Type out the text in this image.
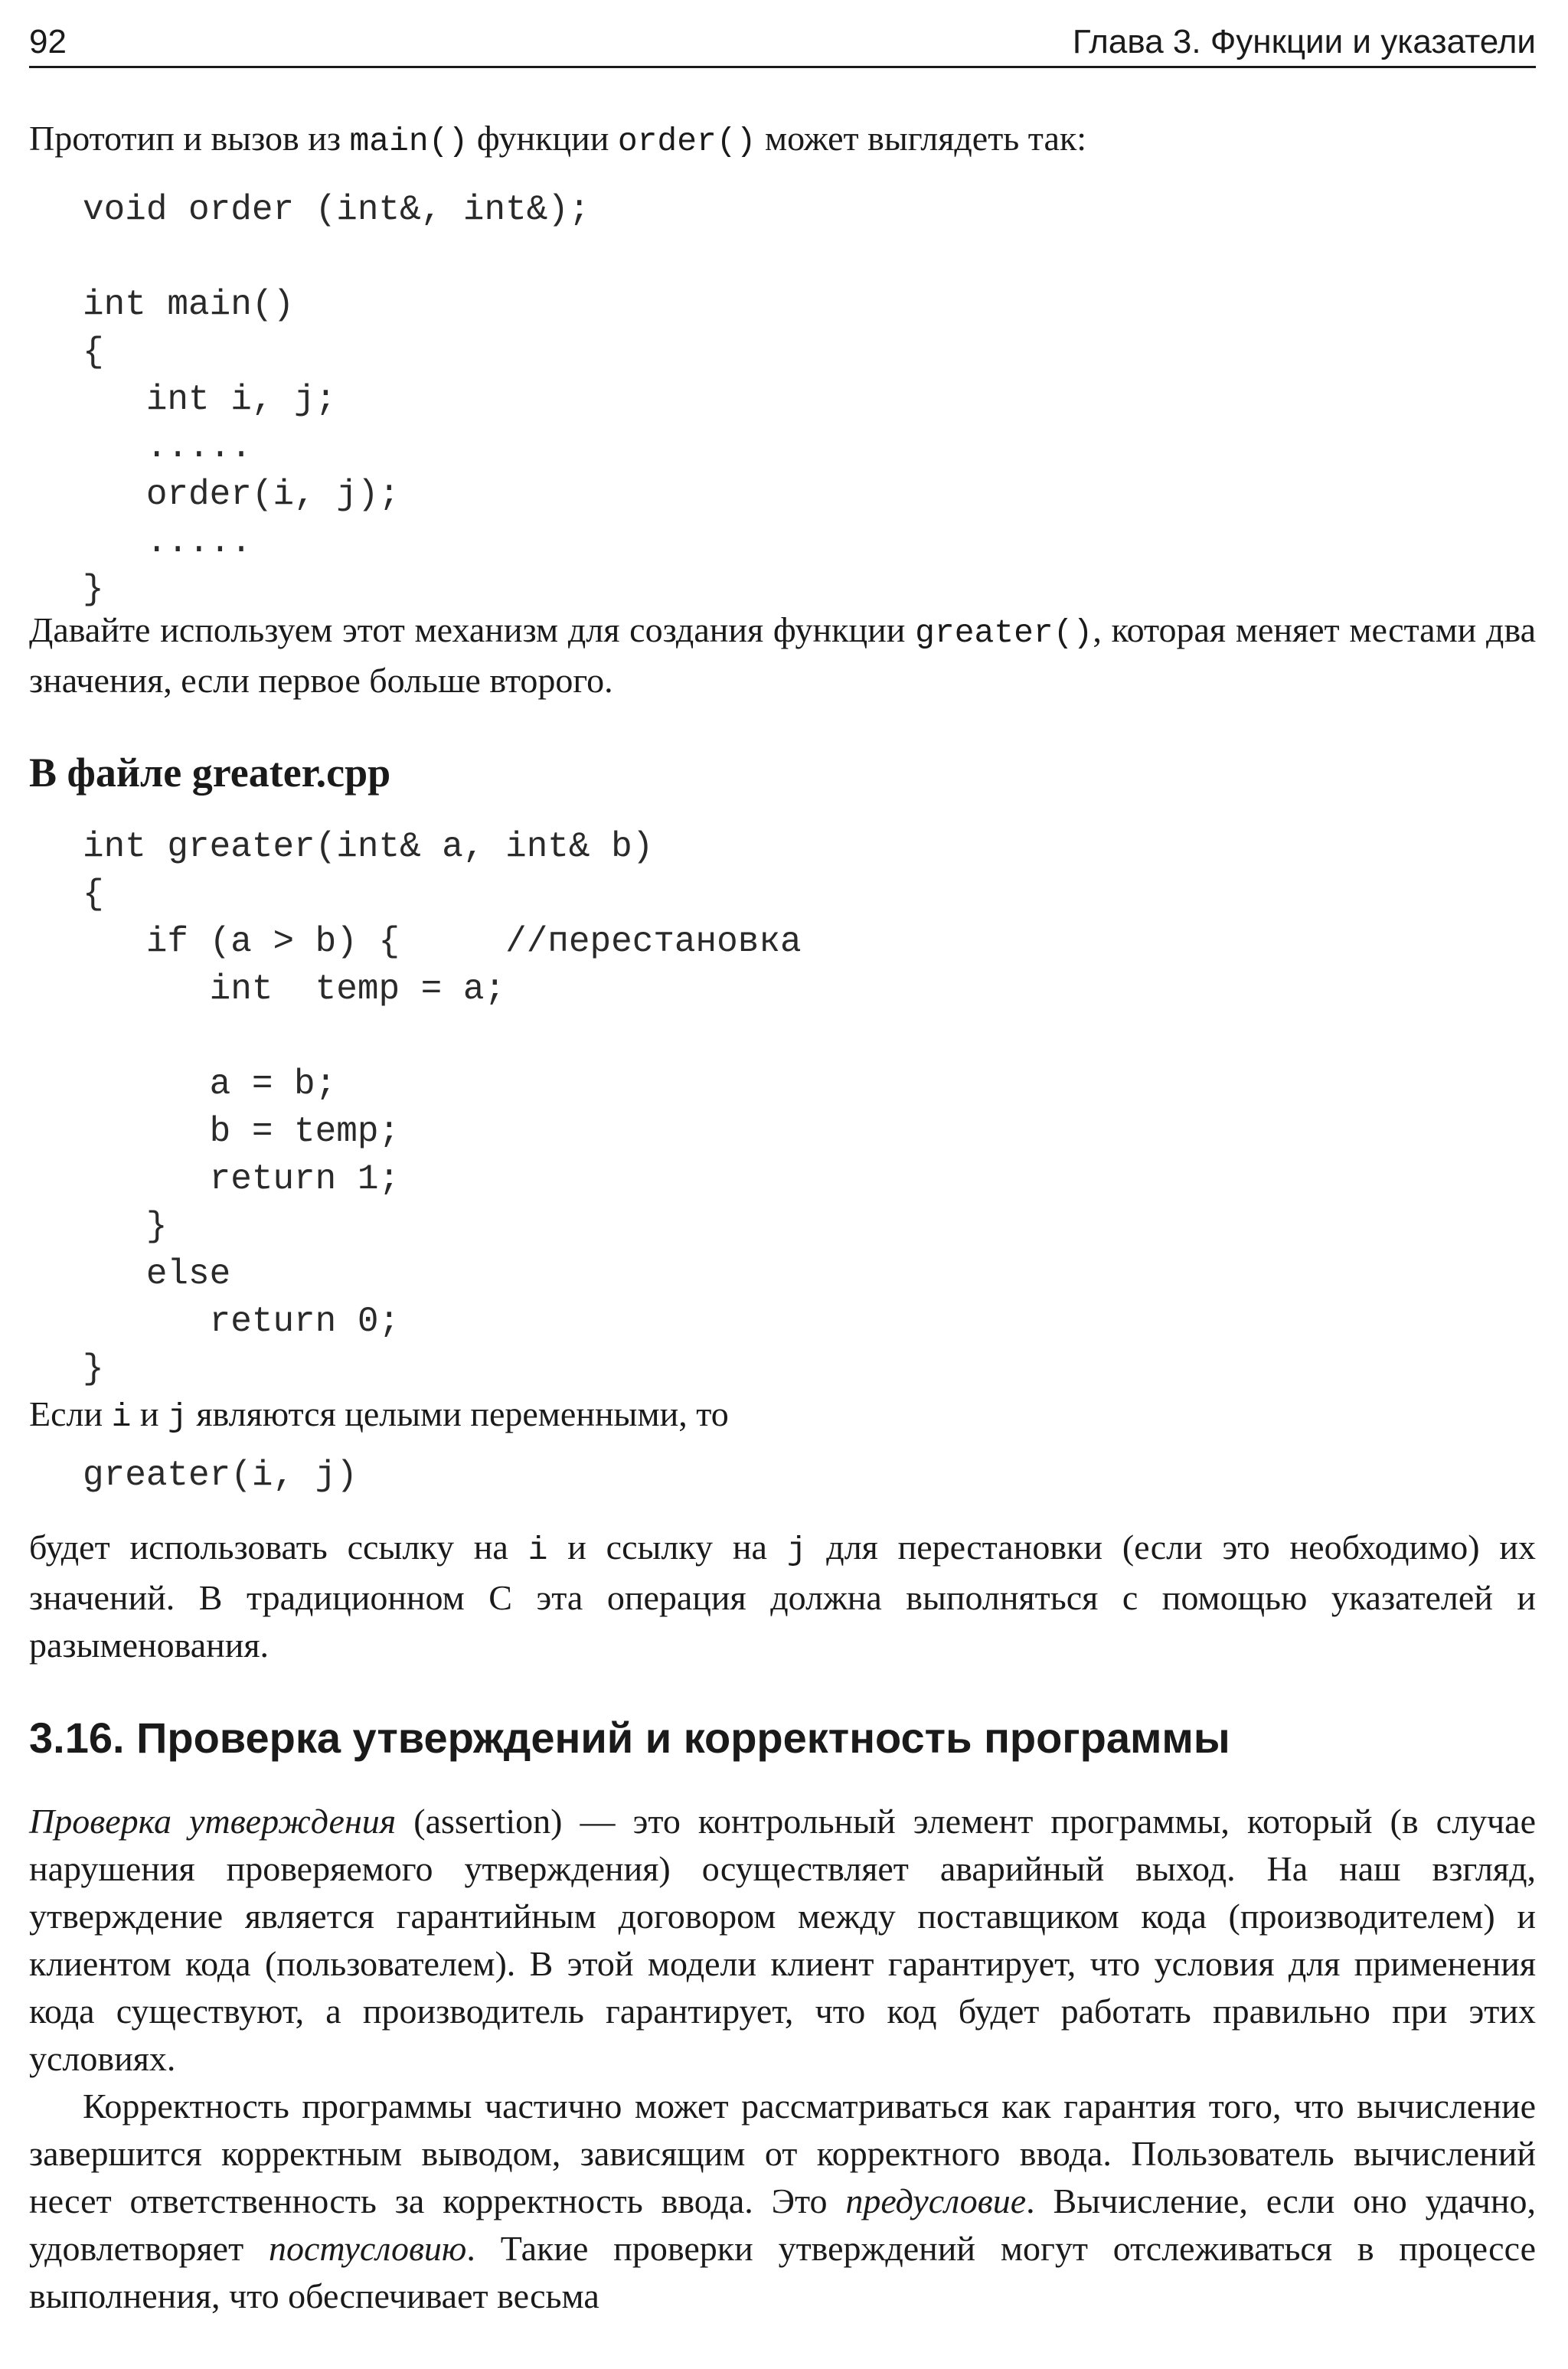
92	Глава 3. Функции и указатели

Прототип и вызов из main() функции order() может выглядеть так:

void order (int&, int&);

int main()
{
int i, j;
.....
order(i, j);
.....
}

Давайте используем этот механизм для создания функции greater(), которая меняет местами два значения, если первое больше второго.

В файле greater.cpp
int greater(int& a, int& b)
{
if (a > b) {     //перестановка
int  temp = a;

a = b;
b = temp;
return 1;
}
else
return 0;
}

Если i и j являются целыми переменными, то

greater(i, j)

будет использовать ссылку на i и ссылку на j для перестановки (если это необходимо) их значений. В традиционном C эта операция должна выполняться с помощью указателей и разыменования.

3.16. Проверка утверждений и корректность программы

Проверка утверждения (assertion) — это контрольный элемент программы, который (в случае нарушения проверяемого утверждения) осуществляет аварийный выход. На наш взгляд, утверждение является гарантийным договором между поставщиком кода (производителем) и клиентом кода (пользователем). В этой модели клиент гарантирует, что условия для применения кода существуют, а производитель гарантирует, что код будет работать правильно при этих условиях.

Корректность программы частично может рассматриваться как гарантия того, что вычисление завершится корректным выводом, зависящим от корректного ввода. Пользователь вычислений несет ответственность за корректность ввода. Это предусловие. Вычисление, если оно удачно, удовлетворяет постусловию. Такие проверки утверждений могут отслеживаться в процессе выполнения, что обеспечивает весьма
